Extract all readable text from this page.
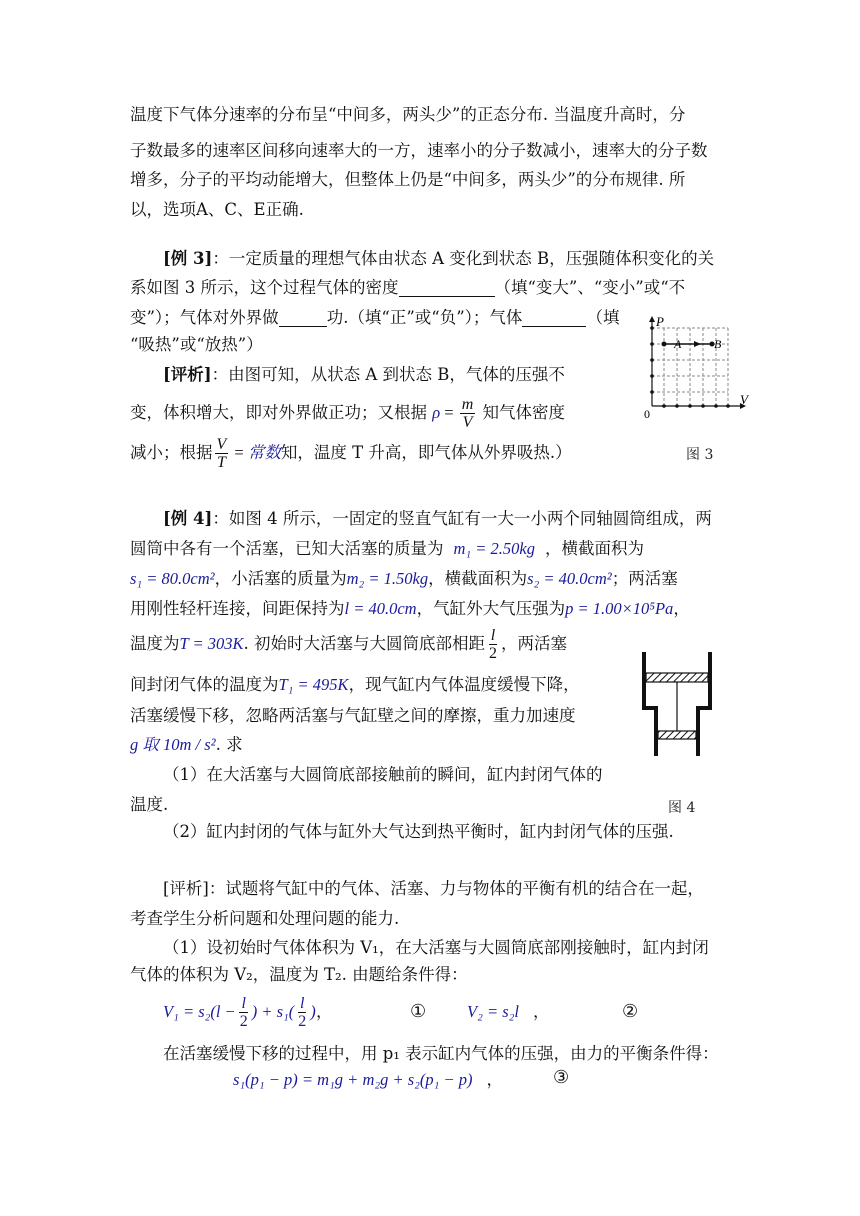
温度下气体分速率的分布呈“中间多，两头少”的正态分布. 当温度升高时，分
子数最多的速率区间移向速率大的一方，速率小的分子数减小，速率大的分子数
增多，分子的平均动能增大，但整体上仍是“中间多，两头少”的分布规律. 所
以，选项A、C、E正确.
[例 3]：一定质量的理想气体由状态 A 变化到状态 B，压强随体积变化的关
系如图 3 所示，这个过程气体的密度	（填“变大”、“变小”或“不
变”）；气体对外界做	功.（填“正”或“负”）；气体	（填
“吸热”或“放热”）
[评析]：由图可知，从状态 A 到状态 B，气体的压强不
变，体积增大，即对外界做正功；又根据 $\rho = \frac{m}{V}$ 知气体密度
减小；根据 $\frac{V}{T}$ = 常数知，温度 T 升高，即气体从外界吸热.）
P
V
0
A	B
图 3
[例 4]：如图 4 所示，一固定的竖直气缸有一大一小两个同轴圆筒组成，两
圆筒中各有一个活塞，已知大活塞的质量为 m₁ = 2.50kg ，横截面积为
s₁ = 80.0cm²，小活塞的质量为m₂ = 1.50kg，横截面积为s₂ = 40.0cm²；两活塞
用刚性轻杆连接，间距保持为l = 40.0cm，气缸外大气压强为p = 1.00×10⁵Pa，
温度为T = 303K. 初始时大活塞与大圆筒底部相距 $\frac{l}{2}$ ，两活塞
间封闭气体的温度为T₁ = 495K，现气缸内气体温度缓慢下降，
活塞缓慢下移，忽略两活塞与气缸壁之间的摩擦，重力加速度
g 取 10m / s². 求
（1）在大活塞与大圆筒底部接触前的瞬间，缸内封闭气体的
温度.
（2）缸内封闭的气体与缸外大气达到热平衡时，缸内封闭气体的压强.
图 4
[评析]：试题将气缸中的气体、活塞、力与物体的平衡有机的结合在一起，
考查学生分析问题和处理问题的能力.
（1）设初始时气体体积为 V₁，在大活塞与大圆筒底部刚接触时，缸内封闭
气体的体积为 V₂，温度为 T₂. 由题给条件得：
$V_1 = s_2(l - \frac{l}{2}$ ) + $s_1( \frac{l}{2}$ ) ，	① V₂ = s₂l ，	②
在活塞缓慢下移的过程中，用 p₁ 表示缸内气体的压强，由力的平衡条件得：
s₁(p₁ − p) = m₁g + m₂g + s₂(p₁ − p) ，	③
